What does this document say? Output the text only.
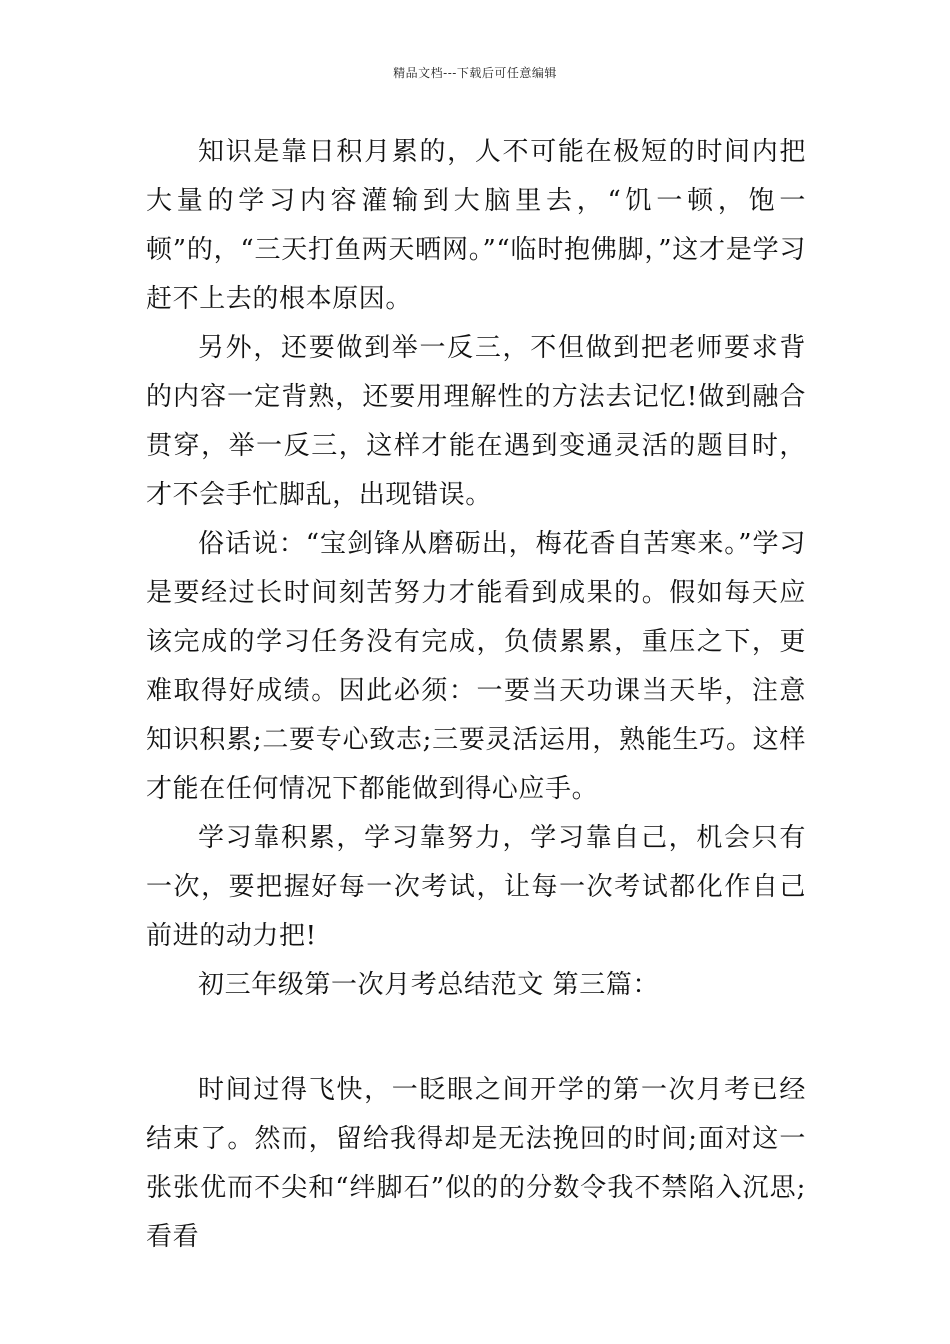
精品文档---下载后可任意编辑

知识是靠日积月累的，人不可能在极短的时间内把大量的学习内容灌输到大脑里去，“饥一顿，饱一顿”的，“三天打鱼两天晒网。”“临时抱佛脚，”这才是学习赶不上去的根本原因。

另外，还要做到举一反三，不但做到把老师要求背的内容一定背熟，还要用理解性的方法去记忆!做到融合贯穿，举一反三，这样才能在遇到变通灵活的题目时，才不会手忙脚乱，出现错误。

俗话说：“宝剑锋从磨砺出，梅花香自苦寒来。”学习是要经过长时间刻苦努力才能看到成果的。假如每天应该完成的学习任务没有完成，负债累累，重压之下，更难取得好成绩。因此必须：一要当天功课当天毕，注意知识积累;二要专心致志;三要灵活运用，熟能生巧。这样才能在任何情况下都能做到得心应手。

学习靠积累，学习靠努力，学习靠自己，机会只有一次，要把握好每一次考试，让每一次考试都化作自己前进的动力把!

初三年级第一次月考总结范文 第三篇：

时间过得飞快，一眨眼之间开学的第一次月考已经结束了。然而，留给我得却是无法挽回的时间;面对这一张张优而不尖和“绊脚石”似的的分数令我不禁陷入沉思;看看
